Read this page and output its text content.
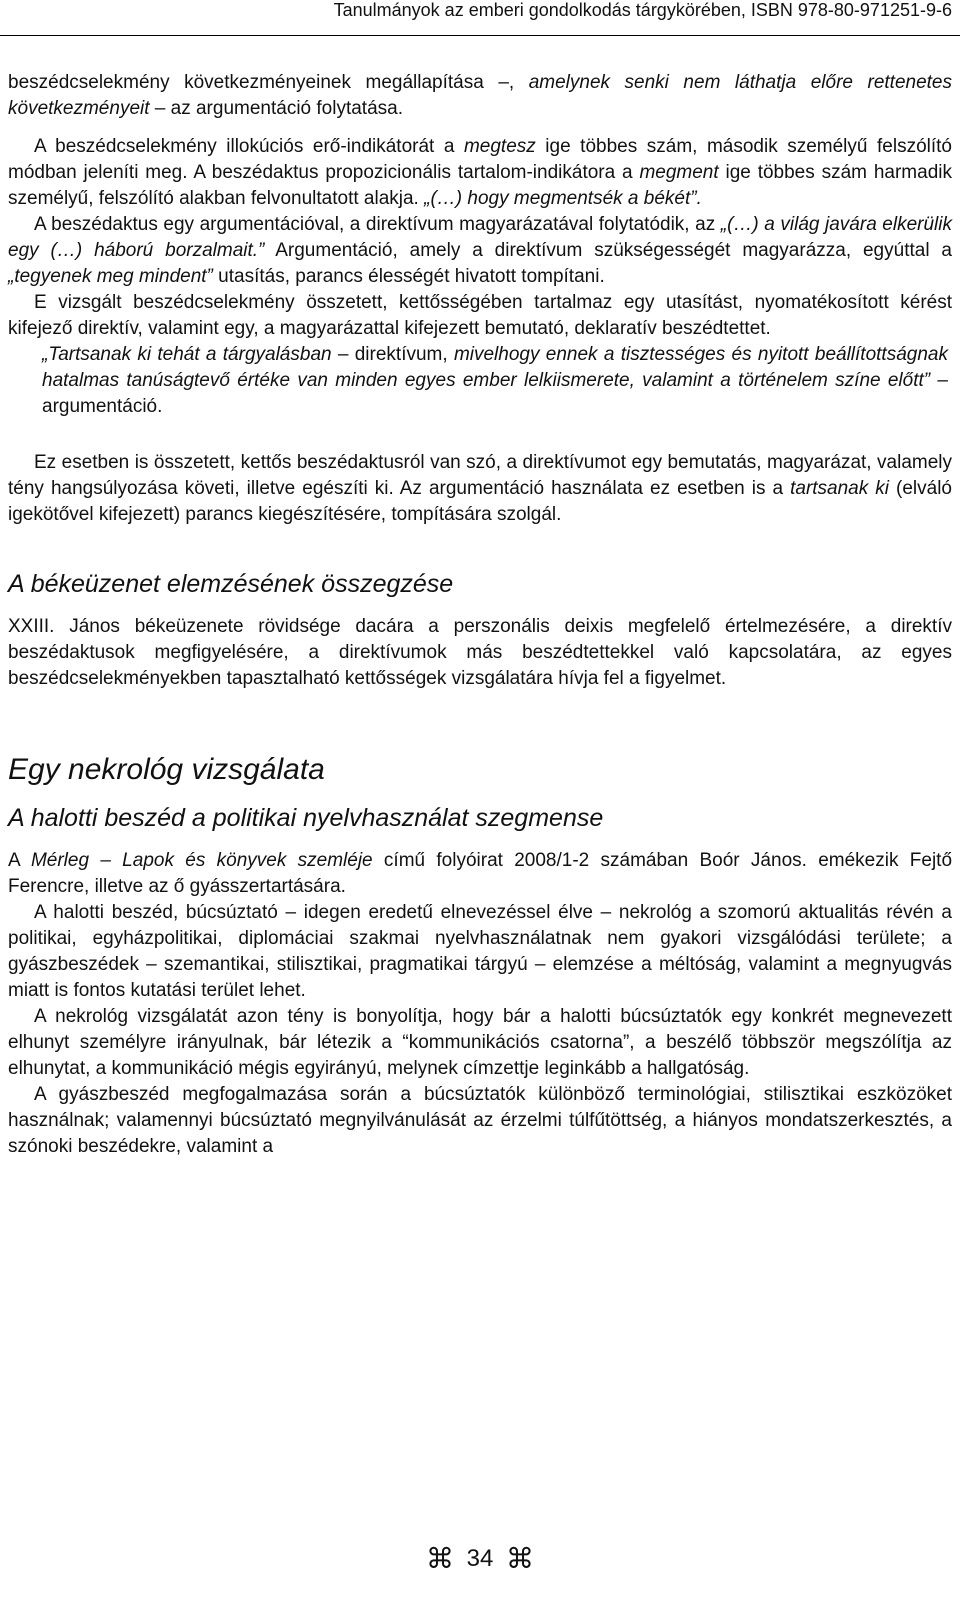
Tanulmányok az emberi gondolkodás tárgykörében, ISBN 978-80-971251-9-6

beszédcselekmény következményeinek megállapítása –, amelynek senki nem láthatja előre rettenetes következményeit – az argumentáció folytatása.

A beszédcselekmény illokúciós erő-indikátorát a megtesz ige többes szám, második személyű felszólító módban jeleníti meg. A beszédaktus propozicionális tartalom-indikátora a megment ige többes szám harmadik személyű, felszólító alakban felvonultatott alakja. „(…) hogy megmentsék a békét”.

A beszédaktus egy argumentációval, a direktívum magyarázatával folytatódik, az „(…) a világ javára elkerülik egy (…) háború borzalmait.” Argumentáció, amely a direktívum szükségességét magyarázza, egyúttal a „tegyenek meg mindent” utasítás, parancs élességét hivatott tompítani.

E vizsgált beszédcselekmény összetett, kettősségében tartalmaz egy utasítást, nyomatékosított kérést kifejező direktív, valamint egy, a magyarázattal kifejezett bemutató, deklaratív beszédtettet.

„Tartsanak ki tehát a tárgyalásban – direktívum, mivelhogy ennek a tisztességes és nyitott beállítottságnak hatalmas tanúságtevő értéke van minden egyes ember lelkiismerete, valamint a történelem színe előtt” – argumentáció.

Ez esetben is összetett, kettős beszédaktusról van szó, a direktívumot egy bemutatás, magyarázat, valamely tény hangsúlyozása követi, illetve egészíti ki. Az argumentáció használata ez esetben is a tartsanak ki (elváló igekötővel kifejezett) parancs kiegészítésére, tompítására szolgál.

A békeüzenet elemzésének összegzése

XXIII. János békeüzenete rövidsége dacára a perszonális deixis megfelelő értelmezésére, a direktív beszédaktusok megfigyelésére, a direktívumok más beszédtettekkel való kapcsolatára, az egyes beszédcselekményekben tapasztalható kettősségek vizsgálatára hívja fel a figyelmet.

Egy nekrológ vizsgálata
A halotti beszéd a politikai nyelvhasználat szegmense

A Mérleg – Lapok és könyvek szemléje című folyóirat 2008/1-2 számában Boór János. emékezik Fejtő Ferencre, illetve az ő gyásszertartására.

A halotti beszéd, búcsúztató – idegen eredetű elnevezéssel élve – nekrológ a szomorú aktualitás révén a politikai, egyházpolitikai, diplomáciai szakmai nyelvhasználatnak nem gyakori vizsgálódási területe; a gyászbeszédek – szemantikai, stilisztikai, pragmatikai tárgyú – elemzése a méltóság, valamint a megnyugvás miatt is fontos kutatási terület lehet.

A nekrológ vizsgálatát azon tény is bonyolítja, hogy bár a halotti búcsúztatók egy konkrét megnevezett elhunyt személyre irányulnak, bár létezik a “kommunikációs csatorna”, a beszélő többször megszólítja az elhunytat, a kommunikáció mégis egyirányú, melynek címzettje leginkább a hallgatóság.

A gyászbeszéd megfogalmazása során a búcsúztatók különböző terminológiai, stilisztikai eszközöket használnak; valamennyi búcsúztató megnyilvánulását az érzelmi túlfűtöttség, a hiányos mondatszerkesztés, a szónoki beszédekre, valamint a

⌘ 34 ⌘
